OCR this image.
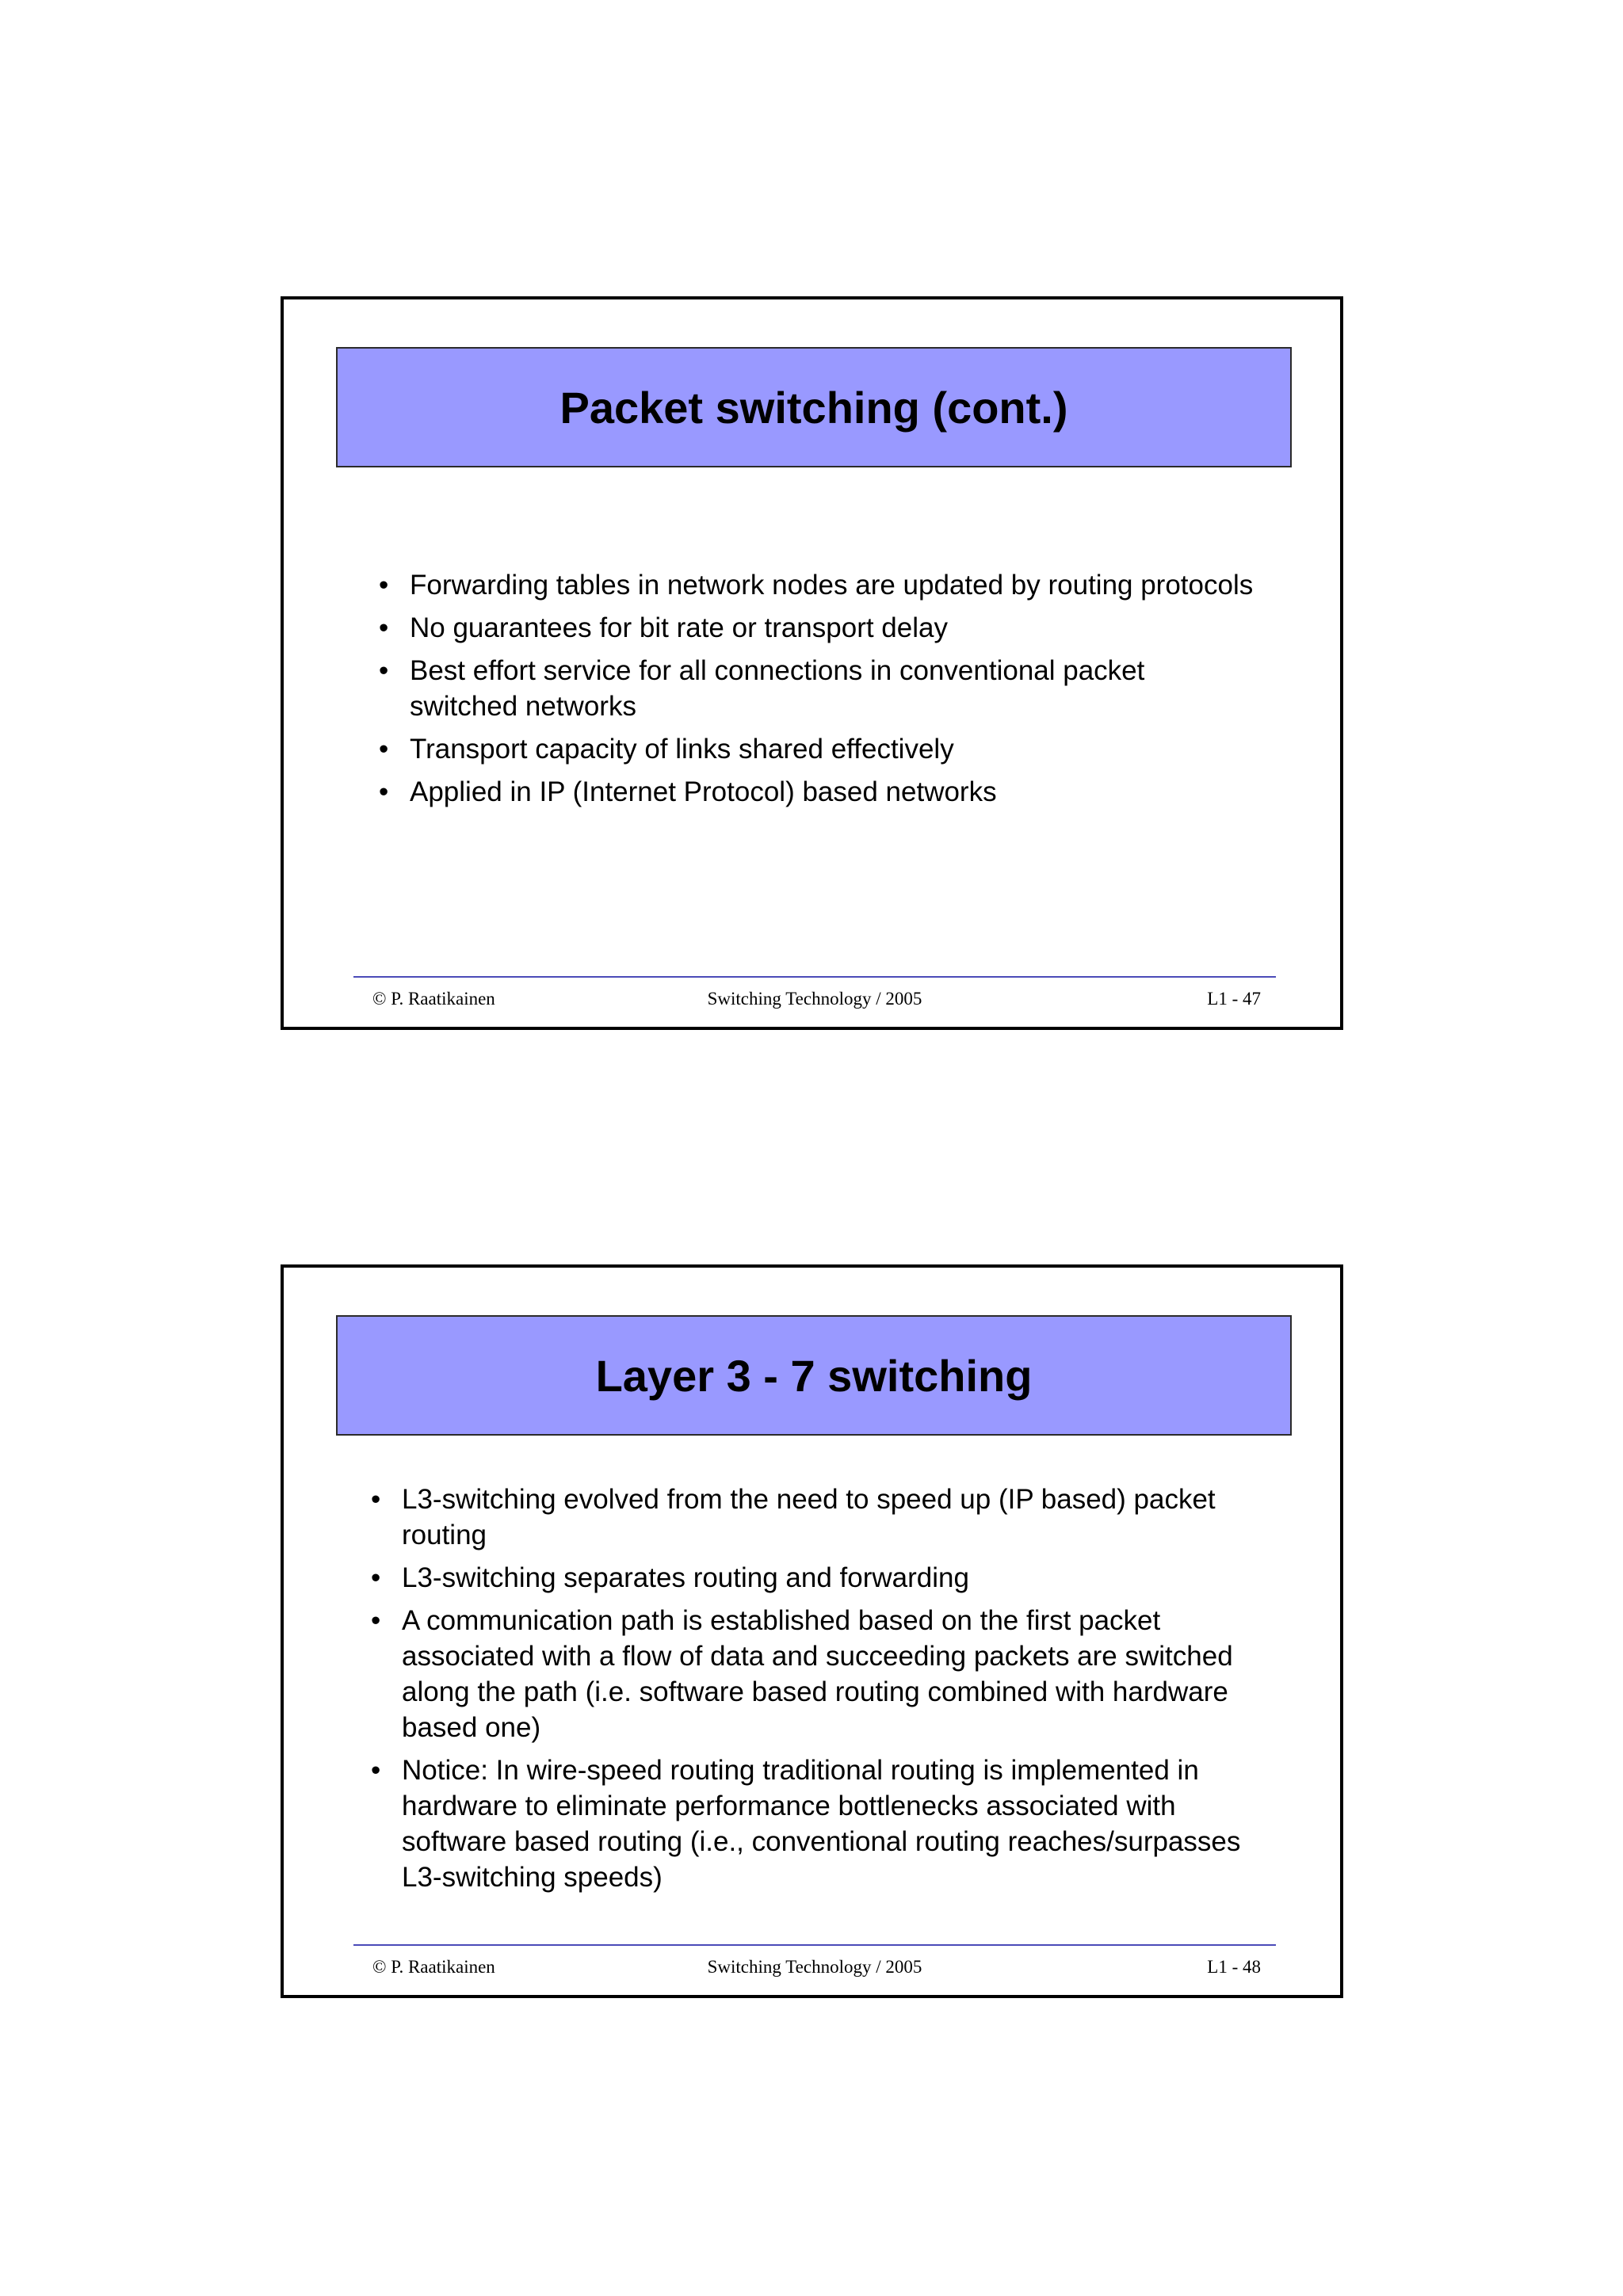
Packet switching (cont.)
• Forwarding tables in network nodes are updated by routing protocols
• No guarantees for bit rate or transport delay
• Best effort service for all connections in conventional packet switched networks
• Transport capacity of links shared effectively
• Applied in IP (Internet Protocol) based networks
© P. Raatikainen	Switching Technology / 2005	L1 - 47
Layer 3 - 7 switching
• L3-switching evolved from the need to speed up (IP based) packet routing
• L3-switching separates routing and forwarding
• A communication path is established based on the first packet associated with a flow of data and succeeding packets are switched along the path (i.e. software based routing combined with hardware based one)
• Notice: In wire-speed routing traditional routing is implemented in hardware to eliminate performance bottlenecks associated with software based routing (i.e., conventional routing reaches/surpasses L3-switching speeds)
© P. Raatikainen	Switching Technology / 2005	L1 - 48
